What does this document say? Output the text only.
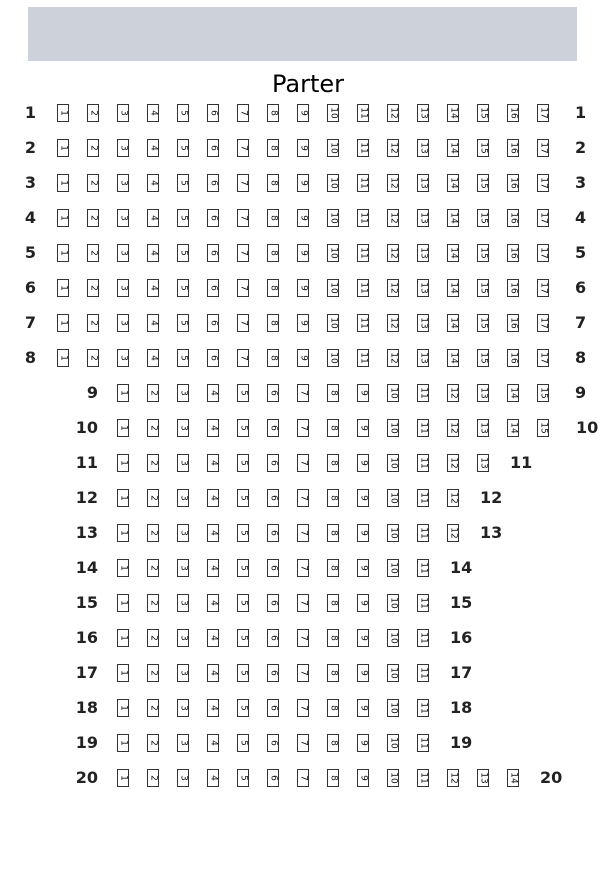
Parter
1	1 2 3 4 5 6 7 8 9 10 11 12 13 14 15 16 17 1
2	1 2 3 4 5 6 7 8 9 10 11 12 13 14 15 16 17 2
3	1 2 3 4 5 6 7 8 9 10 11 12 13 14 15 16 17 3
4	1 2 3 4 5 6 7 8 9 10 11 12 13 14 15 16 17 4
5	1 2 3 4 5 6 7 8 9 10 11 12 13 14 15 16 17 5
6	1 2 3 4 5 6 7 8 9 10 11 12 13 14 15 16 17 6
7	1 2 3 4 5 6 7 8 9 10 11 12 13 14 15 16 17 7
8	1 2 3 4 5 6 7 8 9 10 11 12 13 14 15 16 17 8
9 1 2 3 4 5 6 7 8 9 10 11 12 13 14 15 9
10 1 2 3 4 5 6 7 8 9 10 11 12 13 14 15 10
11 1 2 3 4 5 6 7 8 9 10 11 12 13 11
12 1 2 3 4 5 6 7 8 9 10 11 12 12
13 1 2 3 4 5 6 7 8 9 10 11 12 13
14 1 2 3 4 5 6 7 8 9 10 11 14
15 1 2 3 4 5 6 7 8 9 10 11 15
16 1 2 3 4 5 6 7 8 9 10 11 16
17 1 2 3 4 5 6 7 8 9 10 11 17
18 1 2 3 4 5 6 7 8 9 10 11 18
19 1 2 3 4 5 6 7 8 9 10 11 19
20 1 2 3 4 5 6 7 8 9 10 11 12 13 14 20
